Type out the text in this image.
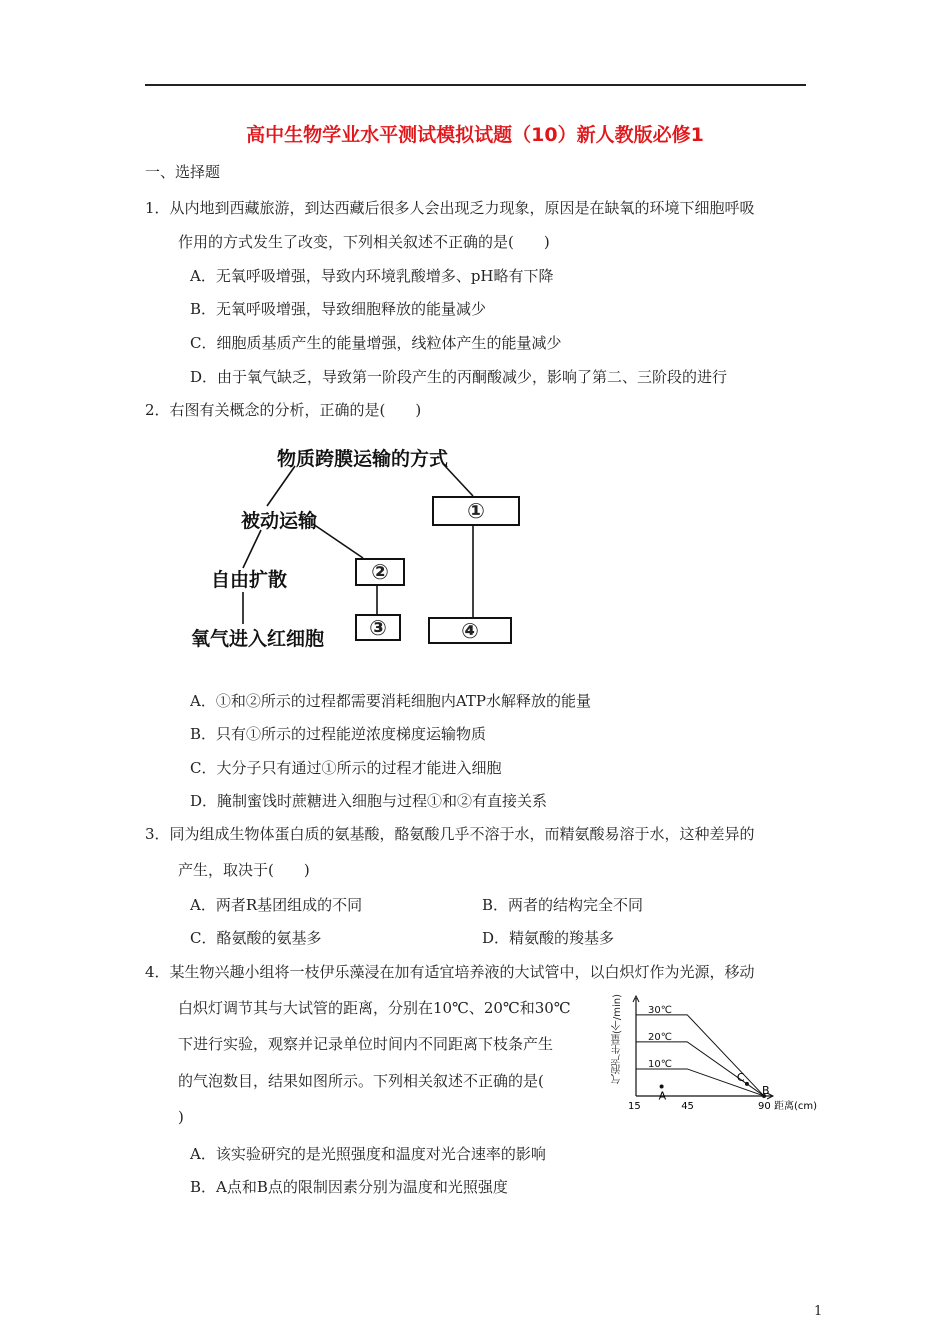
高中生物学业水平测试模拟试题（10）新人教版必修1
一、选择题
1．从内地到西藏旅游，到达西藏后很多人会出现乏力现象，原因是在缺氧的环境下细胞呼吸
作用的方式发生了改变，下列相关叙述不正确的是(　　)
A．无氧呼吸增强，导致内环境乳酸增多、pH略有下降
B．无氧呼吸增强，导致细胞释放的能量减少
C．细胞质基质产生的能量增强，线粒体产生的能量减少
D．由于氧气缺乏，导致第一阶段产生的丙酮酸减少，影响了第二、三阶段的进行
2．右图有关概念的分析，正确的是(　　)
物质跨膜运输的方式
被动运输
自由扩散
氧气进入红细胞
①
②
③	④
A．①和②所示的过程都需要消耗细胞内ATP水解释放的能量
B．只有①所示的过程能逆浓度梯度运输物质
C．大分子只有通过①所示的过程才能进入细胞
D．腌制蜜饯时蔗糖进入细胞与过程①和②有直接关系
3．同为组成生物体蛋白质的氨基酸，酪氨酸几乎不溶于水，而精氨酸易溶于水，这种差异的
产生，取决于(　　)
A．两者R基团组成的不同	B．两者的结构完全不同
C．酪氨酸的氨基多	D．精氨酸的羧基多
4．某生物兴趣小组将一枝伊乐藻浸在加有适宜培养液的大试管中，以白炽灯作为光源，移动
白炽灯调节其与大试管的距离，分别在10℃、20℃和30℃
下进行实验，观察并记录单位时间内不同距离下枝条产生
的气泡数目，结果如图所示。下列相关叙述不正确的是(
)
气泡产生量(个/min)	30℃
20℃
10℃
A	B
C
15	45	90 距离(cm)
A．该实验研究的是光照强度和温度对光合速率的影响
B．A点和B点的限制因素分别为温度和光照强度
1
